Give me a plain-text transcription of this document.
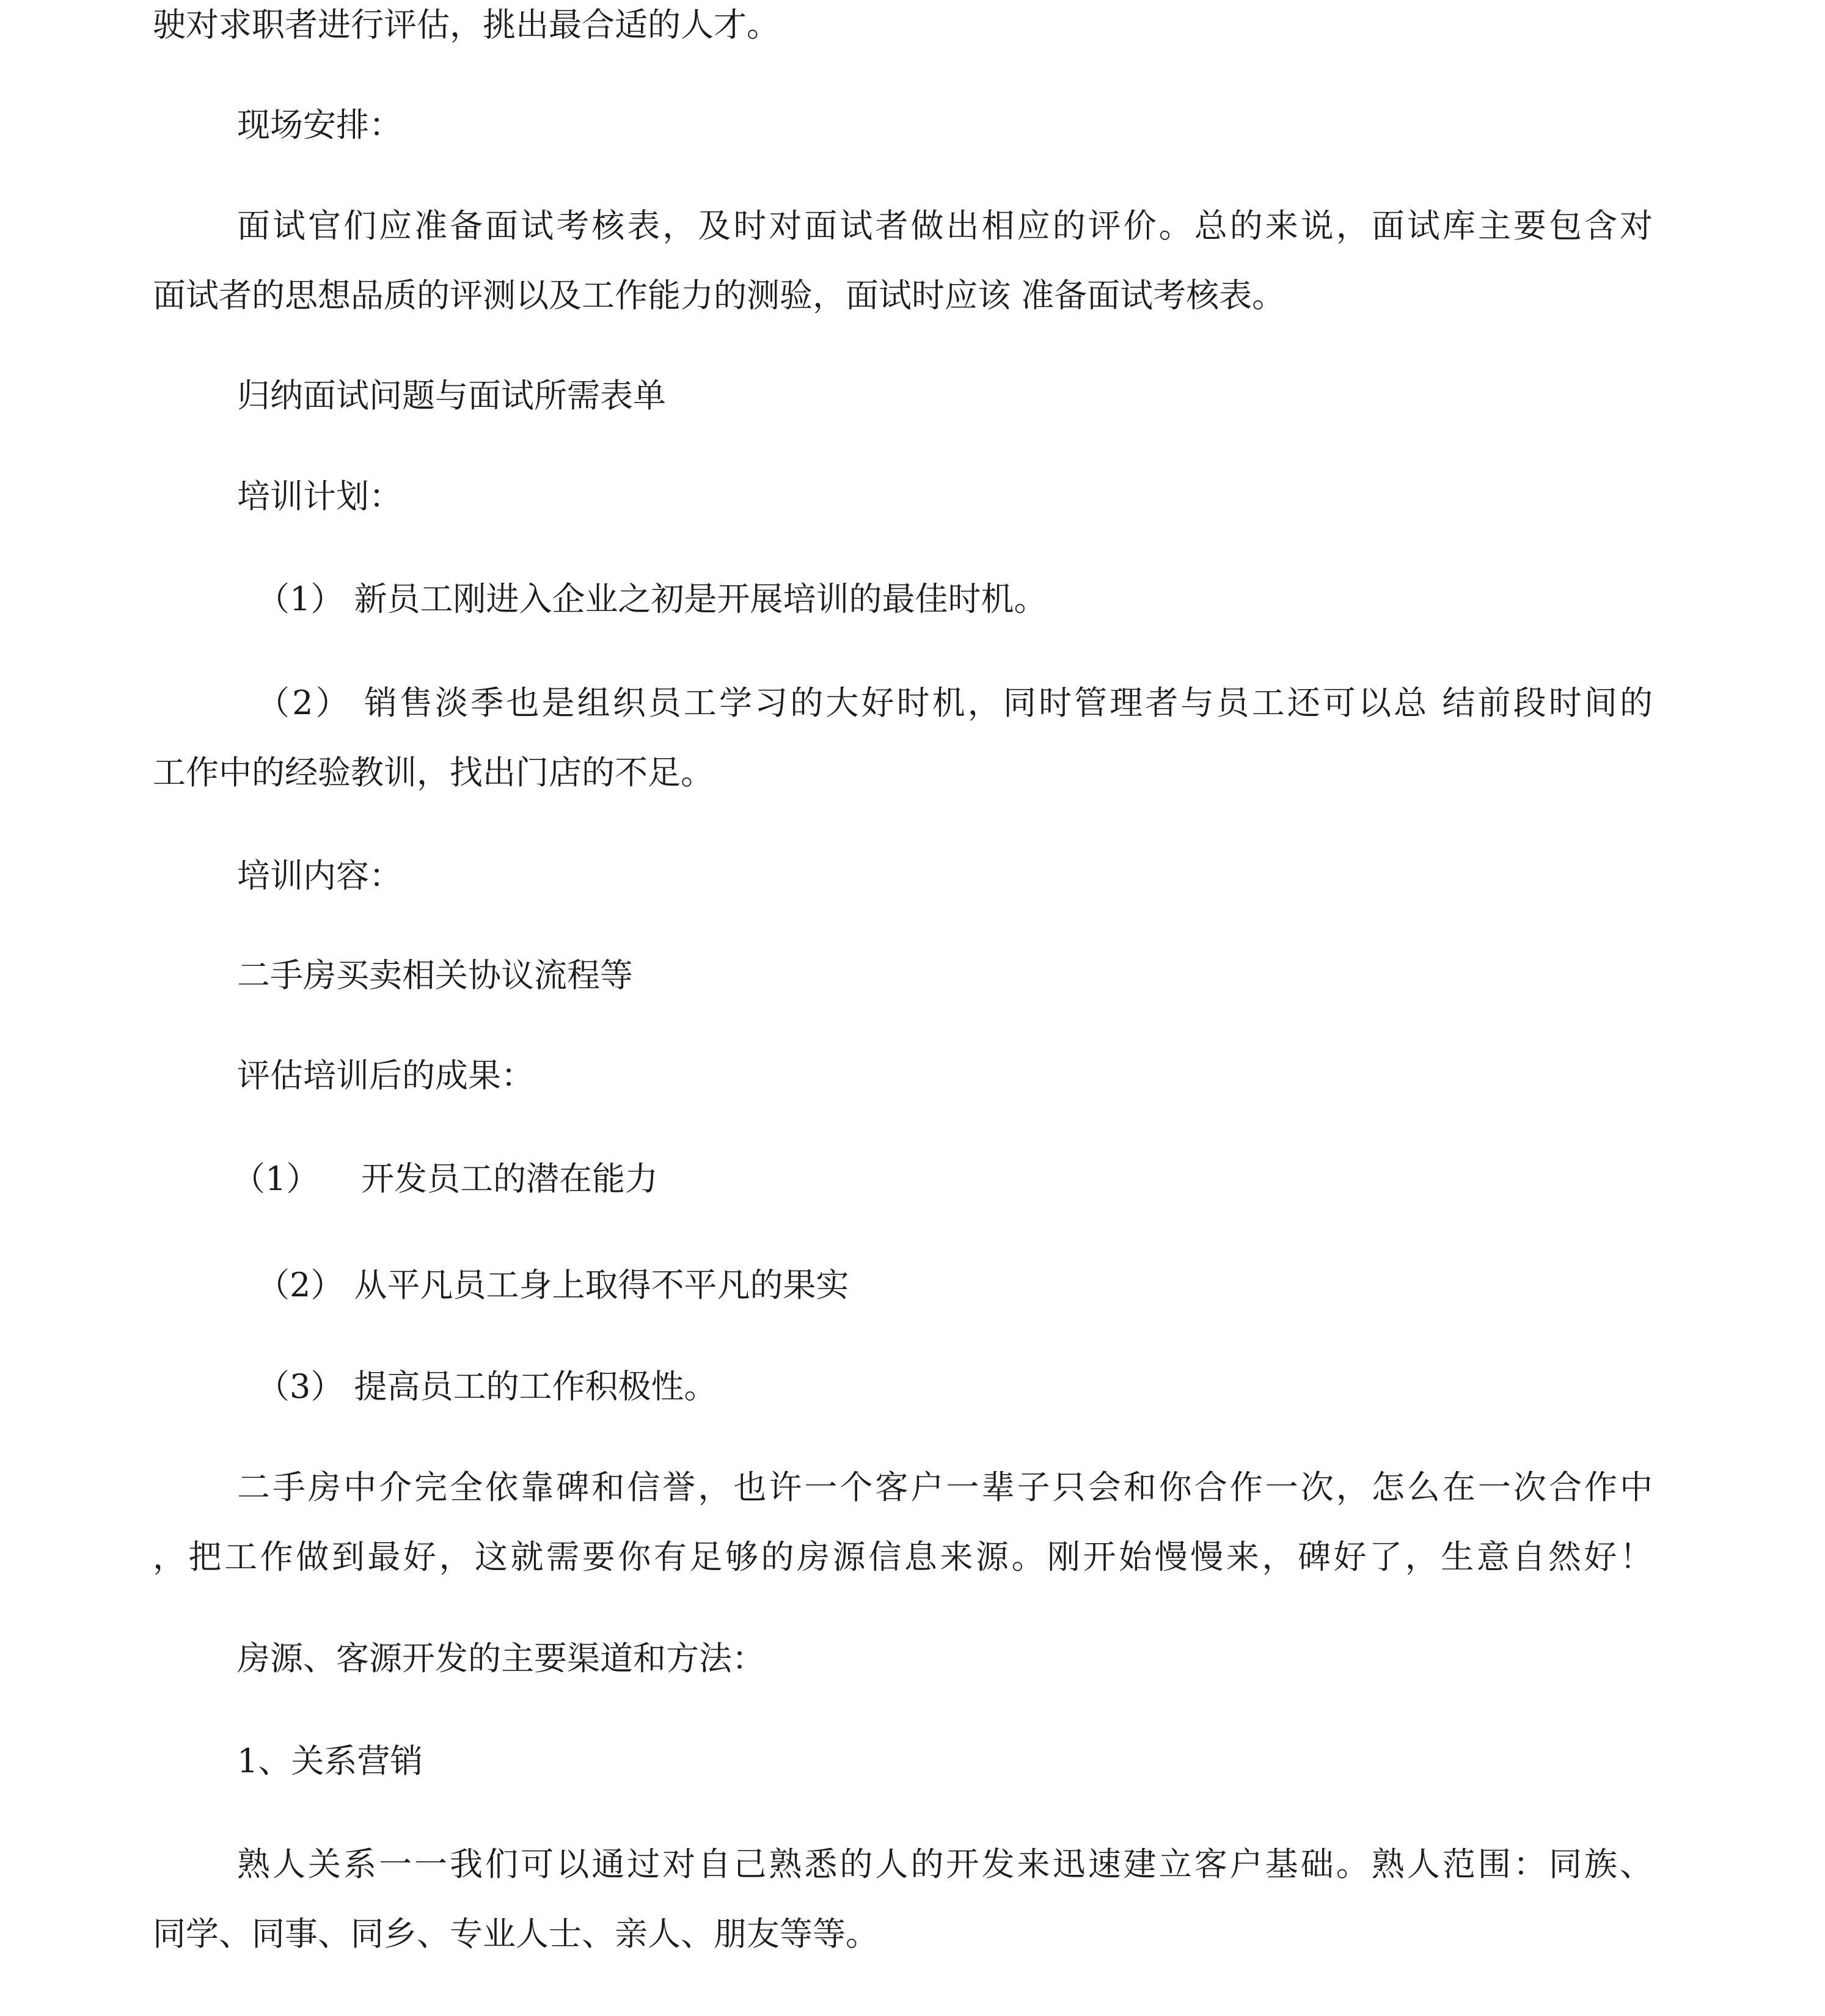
驶对求职者进行评估，挑出最合适的人才。
现场安排：
面试官们应准备面试考核表，及时对面试者做出相应的评价。总的来说，面试库主要包含对
面试者的思想品质的评测以及工作能力的测验，面试时应该 准备面试考核表。
归纳面试问题与面试所需表单
培训计划：
（1） 新员工刚进入企业之初是开展培训的最佳时机。
（2） 销售淡季也是组织员工学习的大好时机，同时管理者与员工还可以总 结前段时间的
工作中的经验教训，找出门店的不足。
培训内容：
二手房买卖相关协议流程等
评估培训后的成果：
（1）    开发员工的潜在能力
（2） 从平凡员工身上取得不平凡的果实
（3） 提高员工的工作积极性。
二手房中介完全依靠碑和信誉，也许一个客户一辈子只会和你合作一次，怎么在一次合作中
，把工作做到最好，这就需要你有足够的房源信息来源。刚开始慢慢来，碑好了，生意自然好！
房源、客源开发的主要渠道和方法：
1、关系营销
熟人关系一一我们可以通过对自己熟悉的人的开发来迅速建立客户基础。熟人范围：同族、
同学、同事、同乡、专业人士、亲人、朋友等等。
